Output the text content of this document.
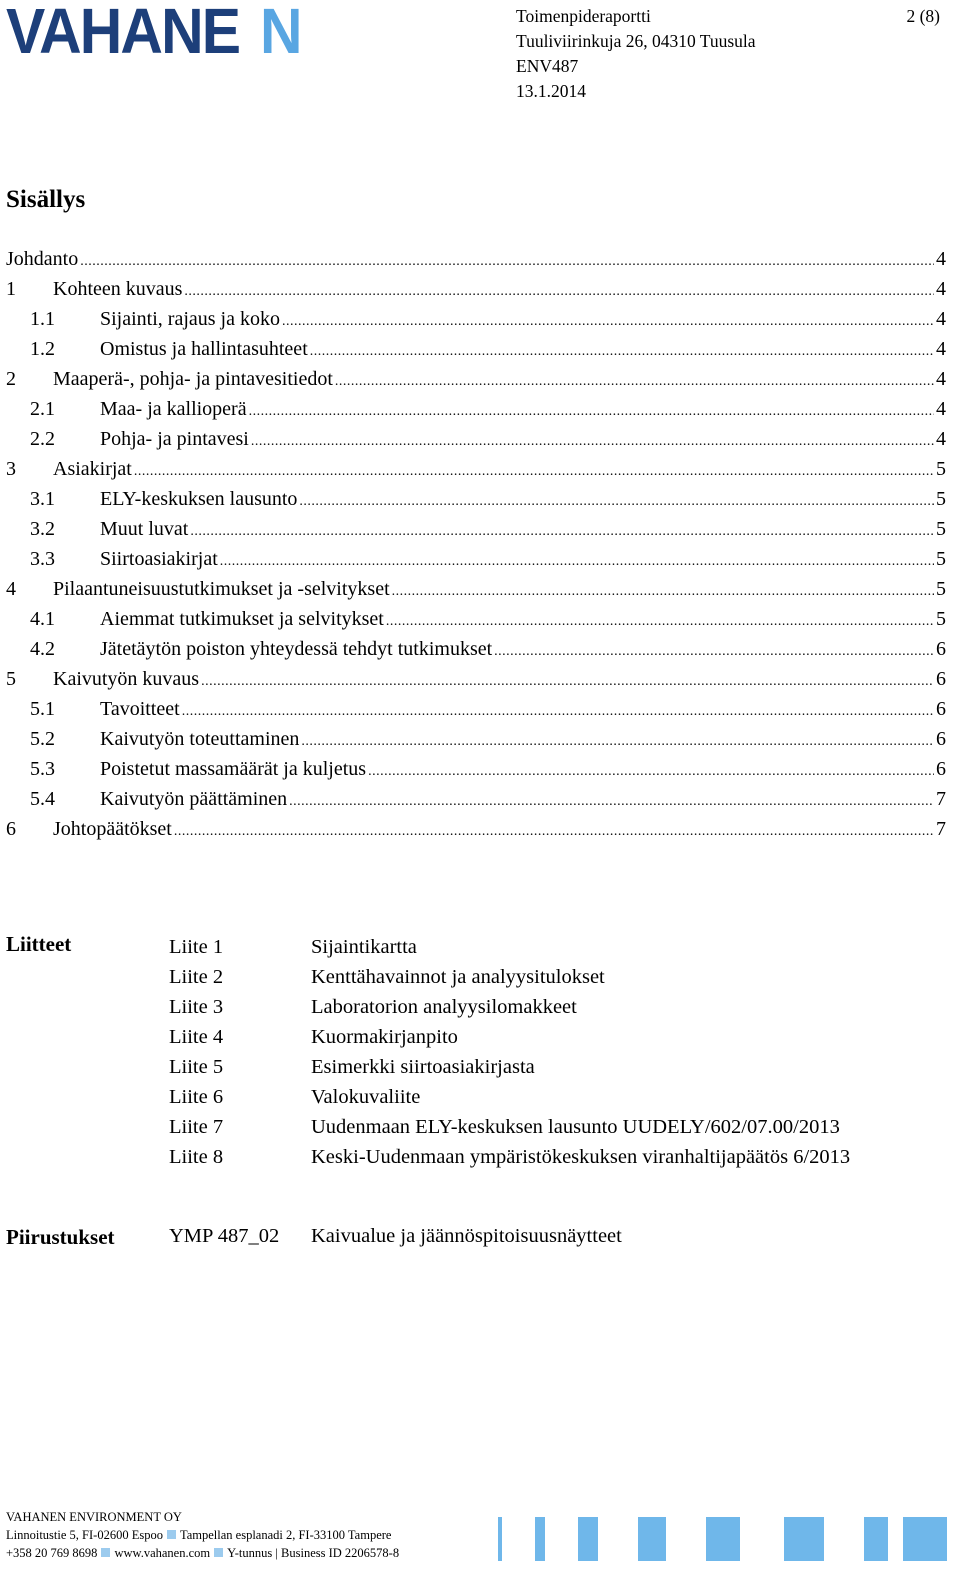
VAHANE N	Toimenpideraportti
Tuuliviirinkuja 26, 04310 Tuusula
ENV487
13.1.2014
2 (8)
Sisällys
Johdanto .....	4
1	Kohteen kuvaus .....	4
1.1	Sijainti, rajaus ja koko .....	4
1.2	Omistus ja hallintasuhteet .....	4
2	Maaperä-, pohja- ja pintavesitiedot .....	4
2.1	Maa- ja kallioperä .....	4
2.2	Pohja- ja pintavesi .....	4
3	Asiakirjat .....	5
3.1	ELY-keskuksen lausunto .....	5
3.2	Muut luvat .....	5
3.3	Siirtoasiakirjat .....	5
4	Pilaantuneisuustutkimukset ja -selvitykset .....	5
4.1	Aiemmat tutkimukset ja selvitykset .....	5
4.2	Jätetäytön poiston yhteydessä tehdyt tutkimukset .....	6
5	Kaivutyön kuvaus .....	6
5.1	Tavoitteet .....	6
5.2	Kaivutyön toteuttaminen .....	6
5.3	Poistetut massamäärät ja kuljetus .....	6
5.4	Kaivutyön päättäminen .....	7
6	Johtopäätökset .....	7
Liitteet	Liite 1	Sijaintikartta
Liite 2	Kenttähavainnot ja analyysitulokset
Liite 3	Laboratorion analyysilomakkeet
Liite 4	Kuormakirjanpito
Liite 5	Esimerkki siirtoasiakirjasta
Liite 6	Valokuvaliite
Liite 7	Uudenmaan ELY-keskuksen lausunto UUDELY/602/07.00/2013
Liite 8	Keski-Uudenmaan ympäristökeskuksen viranhaltijapäätös 6/2013
Piirustukset	YMP 487_02	Kaivualue ja jäännöspitoisuusnäytteet
VAHANEN ENVIRONMENT OY
Linnoitustie 5, FI-02600 Espoo Tampellan esplanadi 2, FI-33100 Tampere
+358 20 769 8698 www.vahanen.com Y-tunnus | Business ID 2206578-8
